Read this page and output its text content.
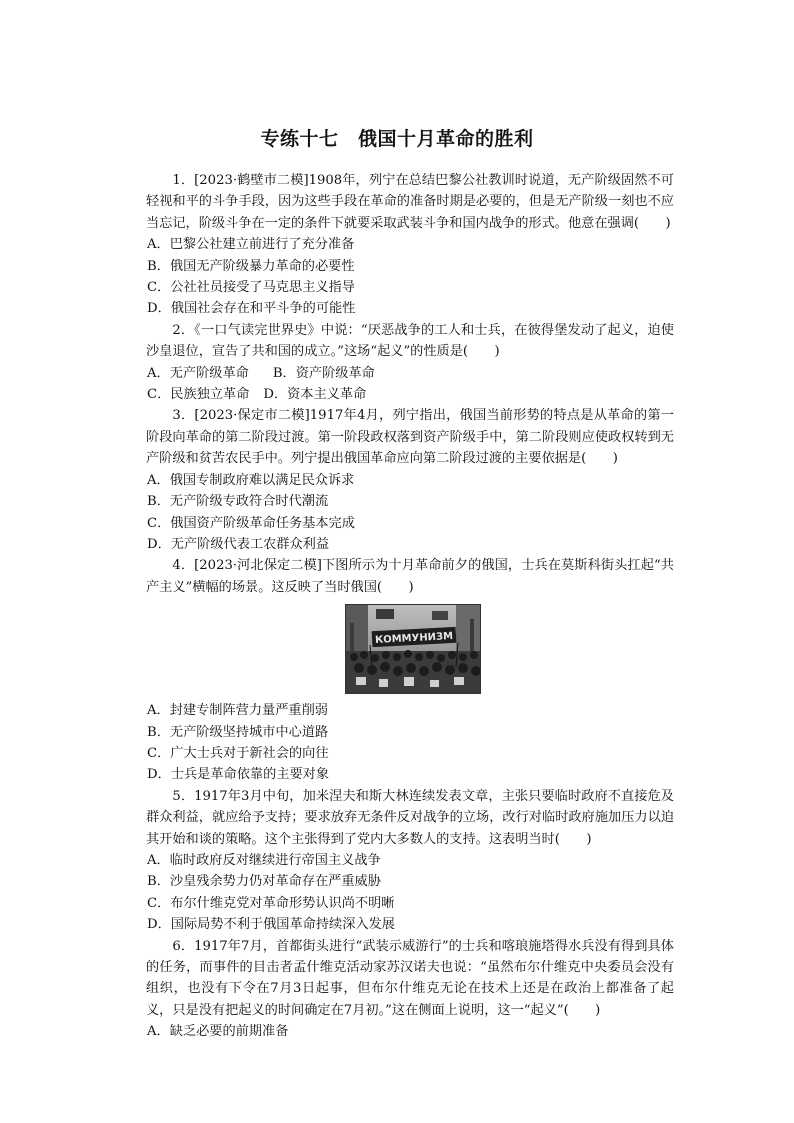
专练十七　俄国十月革命的胜利

1．[2023·鹤壁市二模]1908年，列宁在总结巴黎公社教训时说道，无产阶级固然不可轻视和平的斗争手段，因为这些手段在革命的准备时期是必要的，但是无产阶级一刻也不应当忘记，阶级斗争在一定的条件下就要采取武装斗争和国内战争的形式。他意在强调(　　)

A．巴黎公社建立前进行了充分准备

B．俄国无产阶级暴力革命的必要性

C．公社社员接受了马克思主义指导

D．俄国社会存在和平斗争的可能性

2．《一口气读完世界史》中说：“厌恶战争的工人和士兵，在彼得堡发动了起义，迫使沙皇退位，宣告了共和国的成立。”这场“起义”的性质是(　　)

A．无产阶级革命 B．资产阶级革命

C．民族独立革命 D．资本主义革命

3．[2023·保定市二模]1917年4月，列宁指出，俄国当前形势的特点是从革命的第一阶段向革命的第二阶段过渡。第一阶段政权落到资产阶级手中，第二阶段则应使政权转到无产阶级和贫苦农民手中。列宁提出俄国革命应向第二阶段过渡的主要依据是(　　)

A．俄国专制政府难以满足民众诉求

B．无产阶级专政符合时代潮流

C．俄国资产阶级革命任务基本完成

D．无产阶级代表工农群众利益

4．[2023·河北保定二模]下图所示为十月革命前夕的俄国，士兵在莫斯科街头扛起“共产主义”横幅的场景。这反映了当时俄国(　　)

КОММУНИЗМ

A．封建专制阵营力量严重削弱

B．无产阶级坚持城市中心道路

C．广大士兵对于新社会的向往

D．士兵是革命依靠的主要对象

5．1917年3月中旬，加米涅夫和斯大林连续发表文章，主张只要临时政府不直接危及群众利益，就应给予支持；要求放弃无条件反对战争的立场，改行对临时政府施加压力以迫其开始和谈的策略。这个主张得到了党内大多数人的支持。这表明当时(　　)

A．临时政府反对继续进行帝国主义战争

B．沙皇残余势力仍对革命存在严重威胁

C．布尔什维克党对革命形势认识尚不明晰

D．国际局势不利于俄国革命持续深入发展

6．1917年7月，首都街头进行“武装示威游行”的士兵和喀琅施塔得水兵没有得到具体的任务，而事件的目击者孟什维克活动家苏汉诺夫也说：“虽然布尔什维克中央委员会没有组织，也没有下令在7月3日起事，但布尔什维克无论在技术上还是在政治上都准备了起义，只是没有把起义的时间确定在7月初。”这在侧面上说明，这一“起义”(　　)

A．缺乏必要的前期准备
